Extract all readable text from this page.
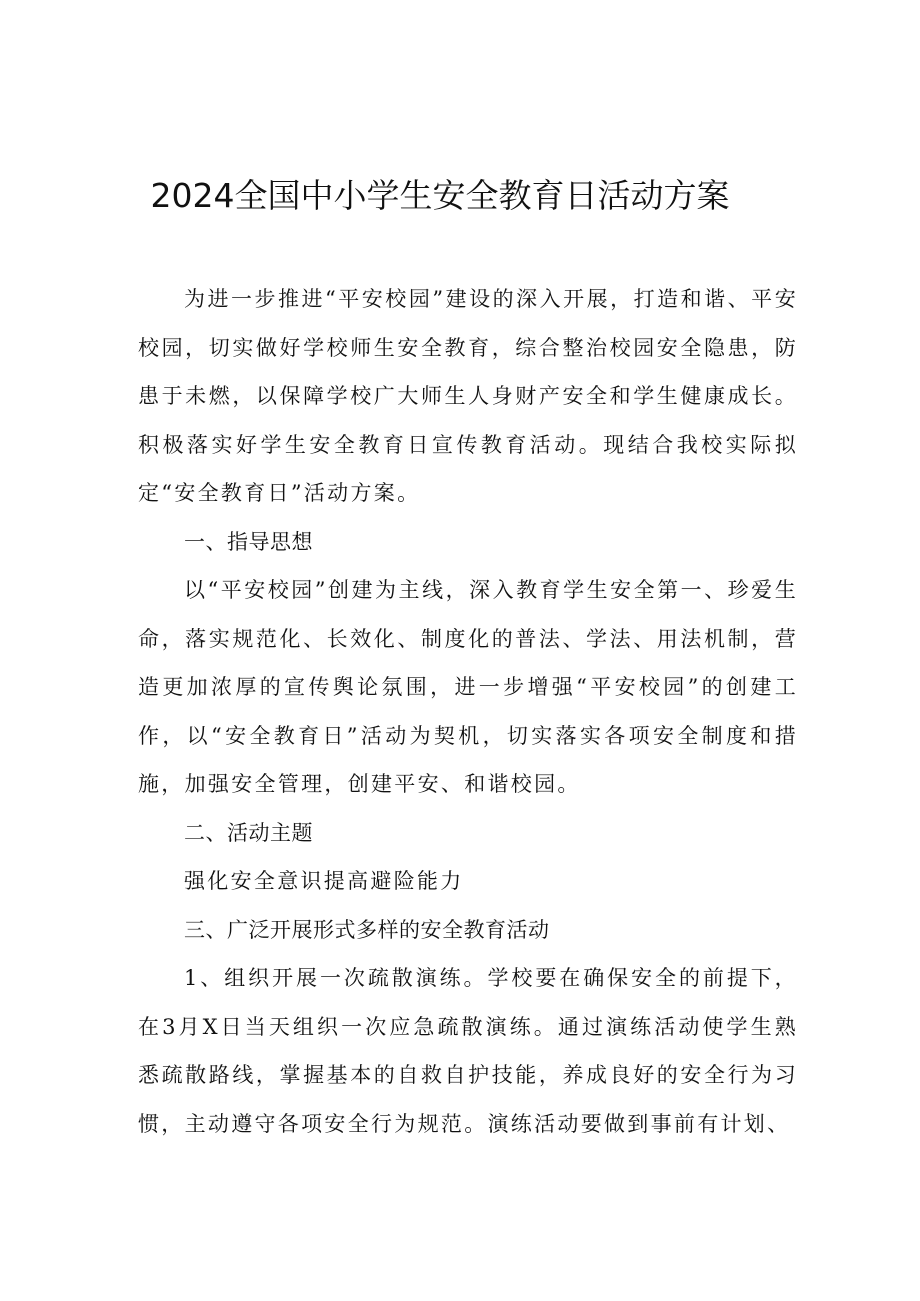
2024全国中小学生安全教育日活动方案

为进一步推进“平安校园”建设的深入开展，打造和谐、平安校园，切实做好学校师生安全教育，综合整治校园安全隐患，防患于未燃，以保障学校广大师生人身财产安全和学生健康成长。积极落实好学生安全教育日宣传教育活动。现结合我校实际拟定“安全教育日”活动方案。

一、指导思想

以“平安校园”创建为主线，深入教育学生安全第一、珍爱生命，落实规范化、长效化、制度化的普法、学法、用法机制，营造更加浓厚的宣传舆论氛围，进一步增强“平安校园”的创建工作，以“安全教育日”活动为契机，切实落实各项安全制度和措施，加强安全管理，创建平安、和谐校园。

二、活动主题

强化安全意识提高避险能力

三、广泛开展形式多样的安全教育活动

1、组织开展一次疏散演练。学校要在确保安全的前提下，在3月X日当天组织一次应急疏散演练。通过演练活动使学生熟悉疏散路线，掌握基本的自救自护技能，养成良好的安全行为习惯，主动遵守各项安全行为规范。演练活动要做到事前有计划、
